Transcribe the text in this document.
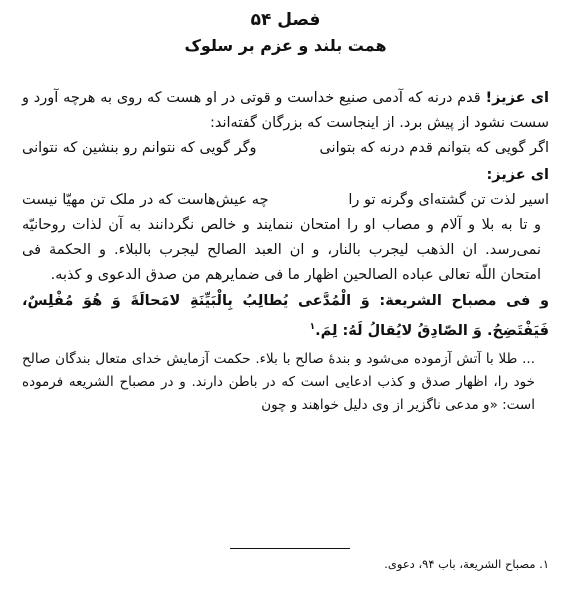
فصل ۵۴
همت بلند و عزم بر سلوک

ای عزیز! قدم درنه که آدمی صنیع خداست و قوتی در او هست که روی به هرچه آورد و سست نشود از پیش برد. از اینجاست که بزرگان گفته‌اند:

اگر گویی که بتوانم قدم درنه که بتوانی
وگر گویی که نتوانم رو بنشین که نتوانی

ای عزیز:

اسیر لذت تن گشته‌ای و‌گرنه تو را
چه عیش‌هاست که در ملک تن مهیّا نیست

و تا به بلا و آلام و مصاب او را امتحان ننمایند و خالص نگردانند به آن لذات روحانیّه نمی‌رسد. ان الذهب لیجرب بالنار، و ان العبد الصالح لیجرب بالبلاء. و الحکمة فی امتحان اللّه تعالی عباده الصالحین اظهار ما فی ضمایرهم من صدق الدعوی و کذبه.

و فی مصباح الشریعة: وَ الْمُدَّعی یُطالِبُ بِالْبَیِّنَةِ لامَحالَةَ وَ هُوَ مُفْلِسٌ، فَیَفْتَضِحُ. وَ الصّادِقُ لایُقالُ لَهُ: لِمَ.$^۱$

... طلا با آتش آزموده می‌شود و بندهٔ صالح با بلاء. حکمت آزمایش خدای متعال بندگان صالح خود را، اظهار صدق و کذب ادعایی است که در باطن دارند. و در مصباح الشریعه فرموده است: «و مدعی ناگزیر از وی دلیل خواهند و چون

۱. مصباح الشریعة، باب ۹۴، دعوی.
